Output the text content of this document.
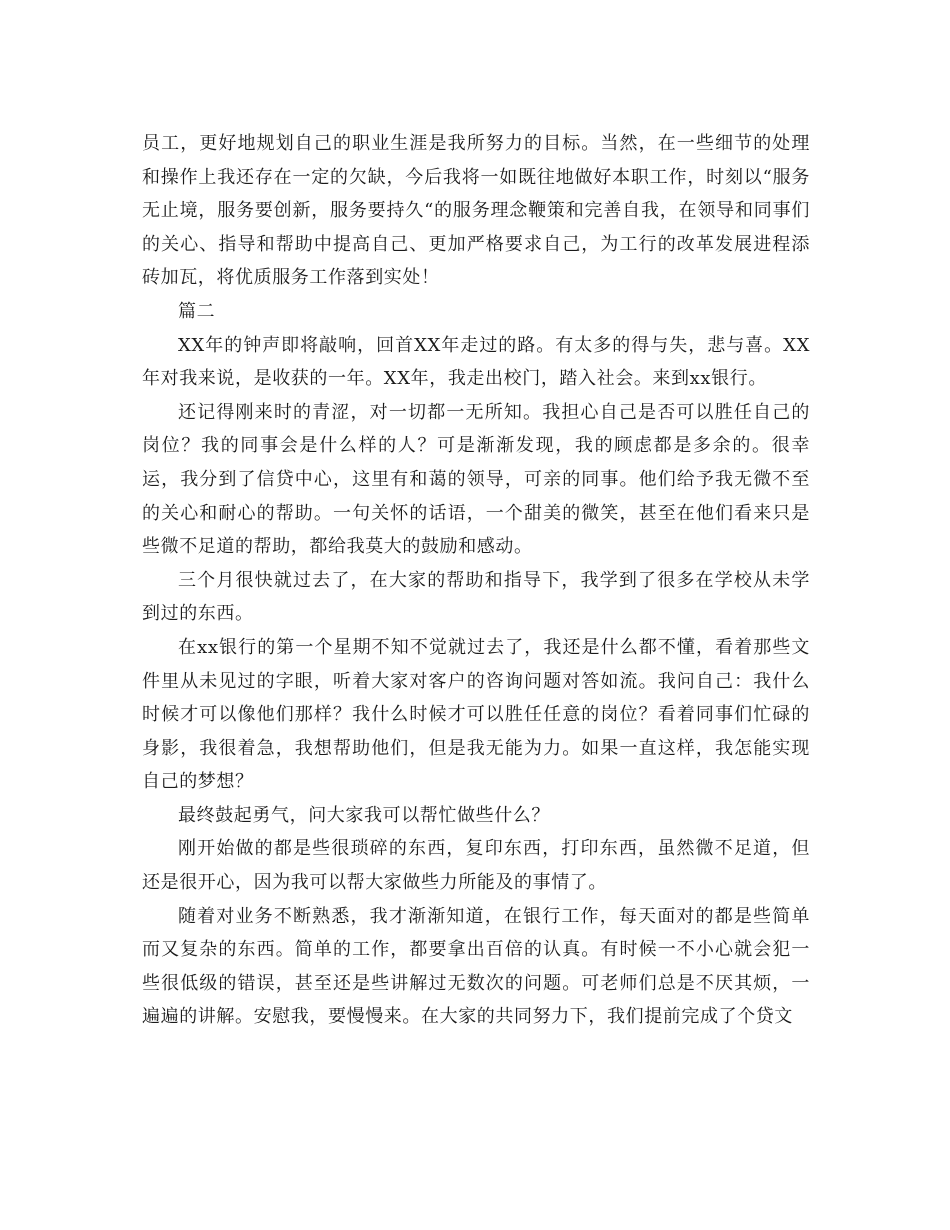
员工，更好地规划自己的职业生涯是我所努力的目标。当然，在一些细节的处理和操作上我还存在一定的欠缺，今后我将一如既往地做好本职工作，时刻以“服务无止境，服务要创新，服务要持久“的服务理念鞭策和完善自我，在领导和同事们的关心、指导和帮助中提高自己、更加严格要求自己，为工行的改革发展进程添砖加瓦，将优质服务工作落到实处！

篇二

XX年的钟声即将敲响，回首XX年走过的路。有太多的得与失，悲与喜。XX年对我来说，是收获的一年。XX年，我走出校门，踏入社会。来到xx银行。

还记得刚来时的青涩，对一切都一无所知。我担心自己是否可以胜任自己的岗位？我的同事会是什么样的人？可是渐渐发现，我的顾虑都是多余的。很幸运，我分到了信贷中心，这里有和蔼的领导，可亲的同事。他们给予我无微不至的关心和耐心的帮助。一句关怀的话语，一个甜美的微笑，甚至在他们看来只是些微不足道的帮助，都给我莫大的鼓励和感动。

三个月很快就过去了，在大家的帮助和指导下，我学到了很多在学校从未学到过的东西。

在xx银行的第一个星期不知不觉就过去了，我还是什么都不懂，看着那些文件里从未见过的字眼，听着大家对客户的咨询问题对答如流。我问自己：我什么时候才可以像他们那样？我什么时候才可以胜任任意的岗位？看着同事们忙碌的身影，我很着急，我想帮助他们，但是我无能为力。如果一直这样，我怎能实现自己的梦想？

最终鼓起勇气，问大家我可以帮忙做些什么？

刚开始做的都是些很琐碎的东西，复印东西，打印东西，虽然微不足道，但还是很开心，因为我可以帮大家做些力所能及的事情了。

随着对业务不断熟悉，我才渐渐知道，在银行工作，每天面对的都是些简单而又复杂的东西。简单的工作，都要拿出百倍的认真。有时候一不小心就会犯一些很低级的错误，甚至还是些讲解过无数次的问题。可老师们总是不厌其烦，一遍遍的讲解。安慰我，要慢慢来。在大家的共同努力下，我们提前完成了个贷文
